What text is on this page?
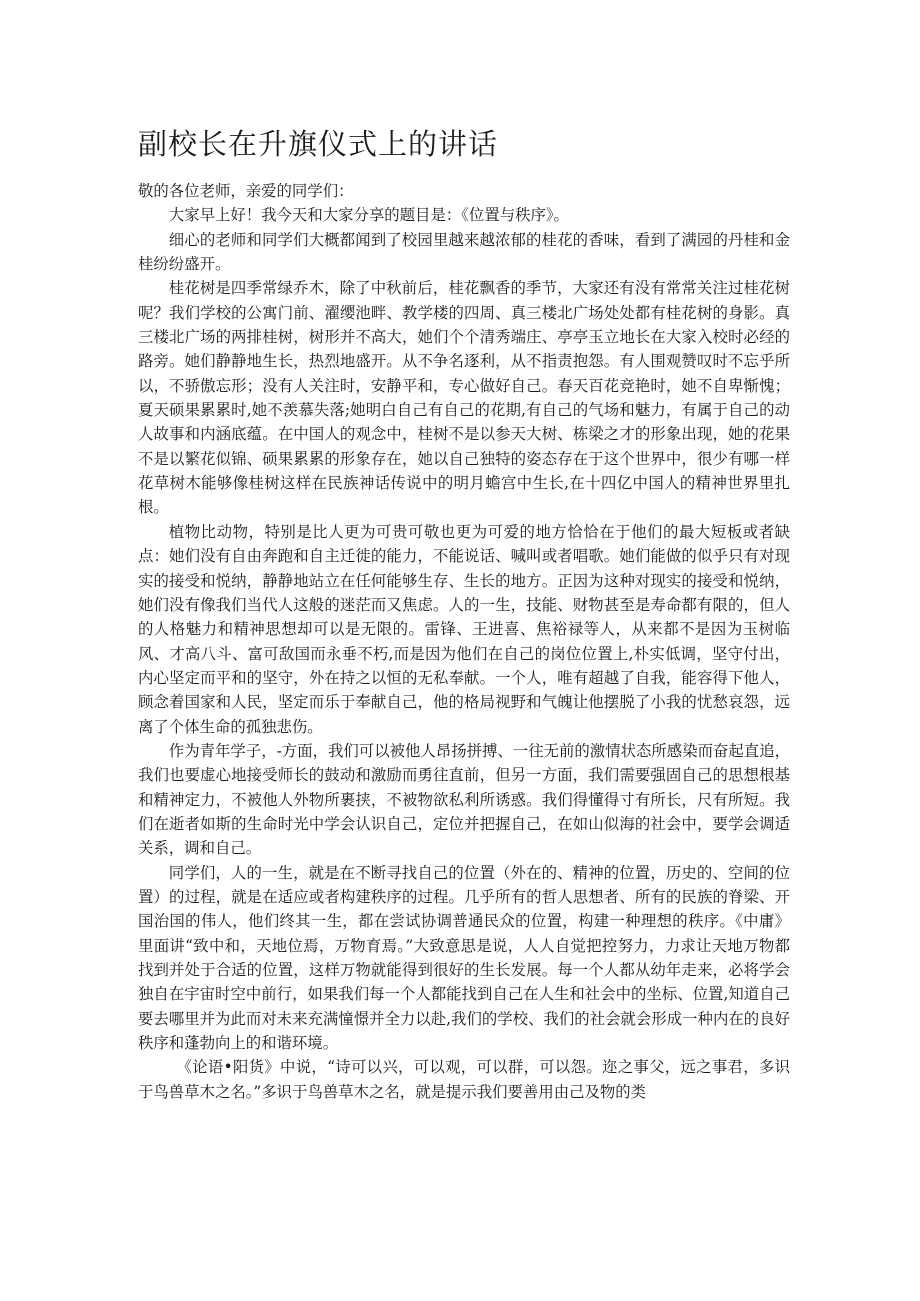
副校长在升旗仪式上的讲话

敬的各位老师，亲爱的同学们：

大家早上好！我今天和大家分享的题目是：《位置与秩序》。

细心的老师和同学们大概都闻到了校园里越来越浓郁的桂花的香味，看到了满园的丹桂和金桂纷纷盛开。

桂花树是四季常绿乔木，除了中秋前后，桂花飘香的季节，大家还有没有常常关注过桂花树呢？我们学校的公寓门前、濯缨池畔、教学楼的四周、真三楼北广场处处都有桂花树的身影。真三楼北广场的两排桂树，树形并不高大，她们个个清秀端庄、亭亭玉立地长在大家入校时必经的路旁。她们静静地生长，热烈地盛开。从不争名逐利，从不指责抱怨。有人围观赞叹时不忘乎所以，不骄傲忘形；没有人关注时，安静平和，专心做好自己。春天百花竞艳时，她不自卑惭愧；夏天硕果累累时,她不羡慕失落;她明白自己有自己的花期,有自己的气场和魅力，有属于自己的动人故事和内涵底蕴。在中国人的观念中，桂树不是以参天大树、栋梁之才的形象出现，她的花果不是以繁花似锦、硕果累累的形象存在，她以自己独特的姿态存在于这个世界中，很少有哪一样花草树木能够像桂树这样在民族神话传说中的明月蟾宫中生长,在十四亿中国人的精神世界里扎根。

植物比动物，特别是比人更为可贵可敬也更为可爱的地方恰恰在于他们的最大短板或者缺点：她们没有自由奔跑和自主迁徙的能力，不能说话、喊叫或者唱歌。她们能做的似乎只有对现实的接受和悦纳，静静地站立在任何能够生存、生长的地方。正因为这种对现实的接受和悦纳，她们没有像我们当代人这般的迷茫而又焦虑。人的一生，技能、财物甚至是寿命都有限的，但人的人格魅力和精神思想却可以是无限的。雷锋、王进喜、焦裕禄等人，从来都不是因为玉树临风、才高八斗、富可敌国而永垂不朽,而是因为他们在自己的岗位位置上,朴实低调，坚守付出，内心坚定而平和的坚守，外在持之以恒的无私奉献。一个人，唯有超越了自我，能容得下他人，顾念着国家和人民，坚定而乐于奉献自己，他的格局视野和气魄让他摆脱了小我的忧愁哀怨，远离了个体生命的孤独悲伤。

作为青年学子，-方面，我们可以被他人昂扬拼搏、一往无前的激情状态所感染而奋起直追，我们也要虚心地接受师长的鼓动和激励而勇往直前，但另一方面，我们需要强固自己的思想根基和精神定力，不被他人外物所裹挟，不被物欲私利所诱惑。我们得懂得寸有所长，尺有所短。我们在逝者如斯的生命时光中学会认识自己，定位并把握自己，在如山似海的社会中，要学会调适关系，调和自己。

同学们，人的一生，就是在不断寻找自己的位置（外在的、精神的位置，历史的、空间的位置）的过程，就是在适应或者构建秩序的过程。几乎所有的哲人思想者、所有的民族的脊梁、开国治国的伟人，他们终其一生，都在尝试协调普通民众的位置，构建一种理想的秩序。《中庸》里面讲“致中和，天地位焉，万物育焉。”大致意思是说，人人自觉把控努力，力求让天地万物都找到并处于合适的位置，这样万物就能得到很好的生长发展。每一个人都从幼年走来，必将学会独自在宇宙时空中前行，如果我们每一个人都能找到自己在人生和社会中的坐标、位置,知道自己要去哪里并为此而对未来充满憧憬并全力以赴,我们的学校、我们的社会就会形成一种内在的良好秩序和蓬勃向上的和谐环境。

《论语•阳货》中说，“诗可以兴，可以观，可以群，可以怨。迩之事父，远之事君，多识于鸟兽草木之名。”多识于鸟兽草木之名，就是提示我们要善用由己及物的类
